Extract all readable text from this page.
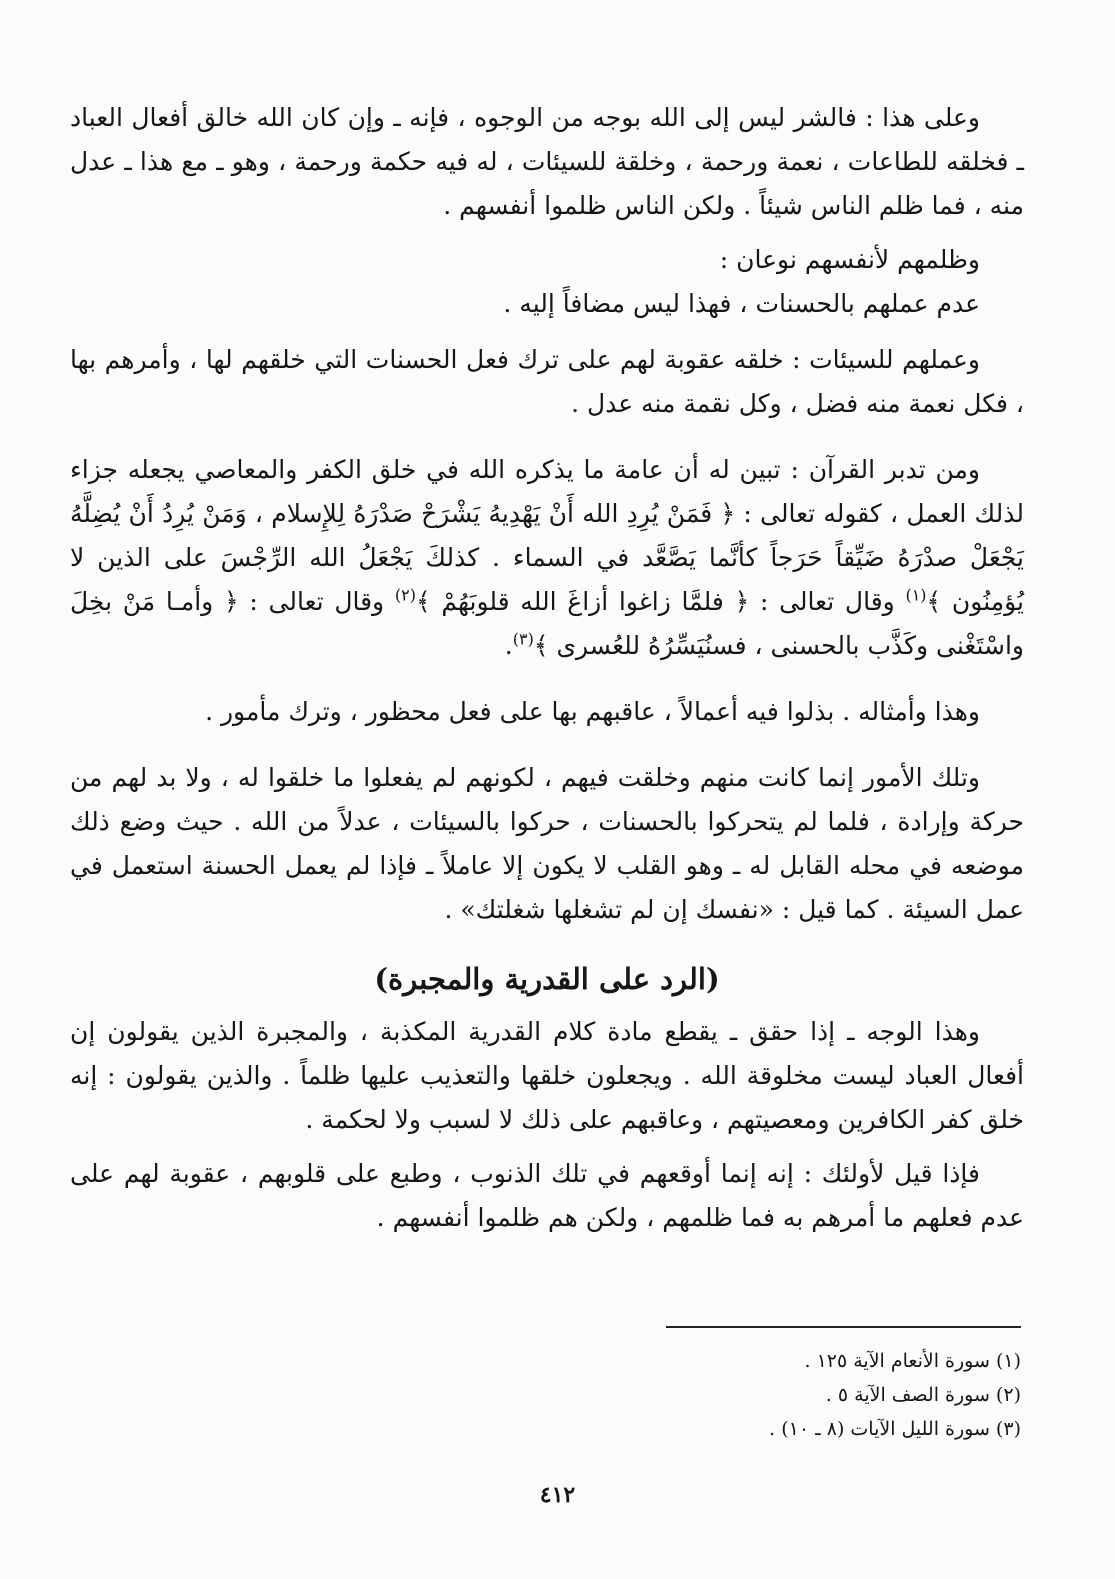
وعلى هذا : فالشر ليس إلى الله بوجه من الوجوه ، فإنه ـ وإن كان الله خالق أفعال العباد ـ فخلقه للطاعات ، نعمة ورحمة ، وخلقة للسيئات ، له فيه حكمة ورحمة ، وهو ـ مع هذا ـ عدل منه ، فما ظلم الناس شيئاً . ولكن الناس ظلموا أنفسهم .

وظلمهم لأنفسهم نوعان :

عدم عملهم بالحسنات ، فهذا ليس مضافاً إليه .

وعملهم للسيئات : خلقه عقوبة لهم على ترك فعل الحسنات التي خلقهم لها ، وأمرهم بها ، فكل نعمة منه فضل ، وكل نقمة منه عدل .

ومن تدبر القرآن : تبين له أن عامة ما يذكره الله في خلق الكفر والمعاصي يجعله جزاء لذلك العمل ، كقوله تعالى : ﴿ فَمَنْ يُرِدِ الله أَنْ يَهْدِيهُ يَشْرَحْ صَدْرَهُ لِلإِسلام ، وَمَنْ يُرِدُ أَنْ يُضِلَّهُ يَجْعَلْ صدْرَهُ ضَيِّقاً حَرَجاً كأنَّما يَصَّعَّد في السماء . كذلكَ يَجْعَلُ الله الرِّجْسَ على الذين لا يُؤمِنُون ﴾$^{(١)}$ وقال تعالى : ﴿ فلمَّا زاغوا أزاغَ الله قلوبَهُمْ ﴾$^{(٢)}$ وقال تعالى : ﴿ وأمـا مَنْ بخِلَ واسْتَغْنى وكَذَّب بالحسنى ، فسنُيَسِّرُهُ للعُسرى ﴾$^{(٣)}$.

وهذا وأمثاله . بذلوا فيه أعمالاً ، عاقبهم بها على فعل محظور ، وترك مأمور .

وتلك الأمور إنما كانت منهم وخلقت فيهم ، لكونهم لم يفعلوا ما خلقوا له ، ولا بد لهم من حركة وإرادة ، فلما لم يتحركوا بالحسنات ، حركوا بالسيئات ، عدلاً من الله . حيث وضع ذلك موضعه في محله القابل له ـ وهو القلب لا يكون إلا عاملاً ـ فإذا لم يعمل الحسنة استعمل في عمل السيئة . كما قيل : «نفسك إن لم تشغلها شغلتك» .

(الرد على القدرية والمجبرة)

وهذا الوجه ـ إذا حقق ـ يقطع مادة كلام القدرية المكذبة ، والمجبرة الذين يقولون إن أفعال العباد ليست مخلوقة الله . ويجعلون خلقها والتعذيب عليها ظلماً . والذين يقولون : إنه خلق كفر الكافرين ومعصيتهم ، وعاقبهم على ذلك لا لسبب ولا لحكمة .

فإذا قيل لأولئك : إنه إنما أوقعهم في تلك الذنوب ، وطبع على قلوبهم ، عقوبة لهم على عدم فعلهم ما أمرهم به فما ظلمهم ، ولكن هم ظلموا أنفسهم .

(١) سورة الأنعام الآية ١٢٥ .

(٢) سورة الصف الآية ٥ .

(٣) سورة الليل الآيات (٨ ـ ١٠) .

٤١٢
